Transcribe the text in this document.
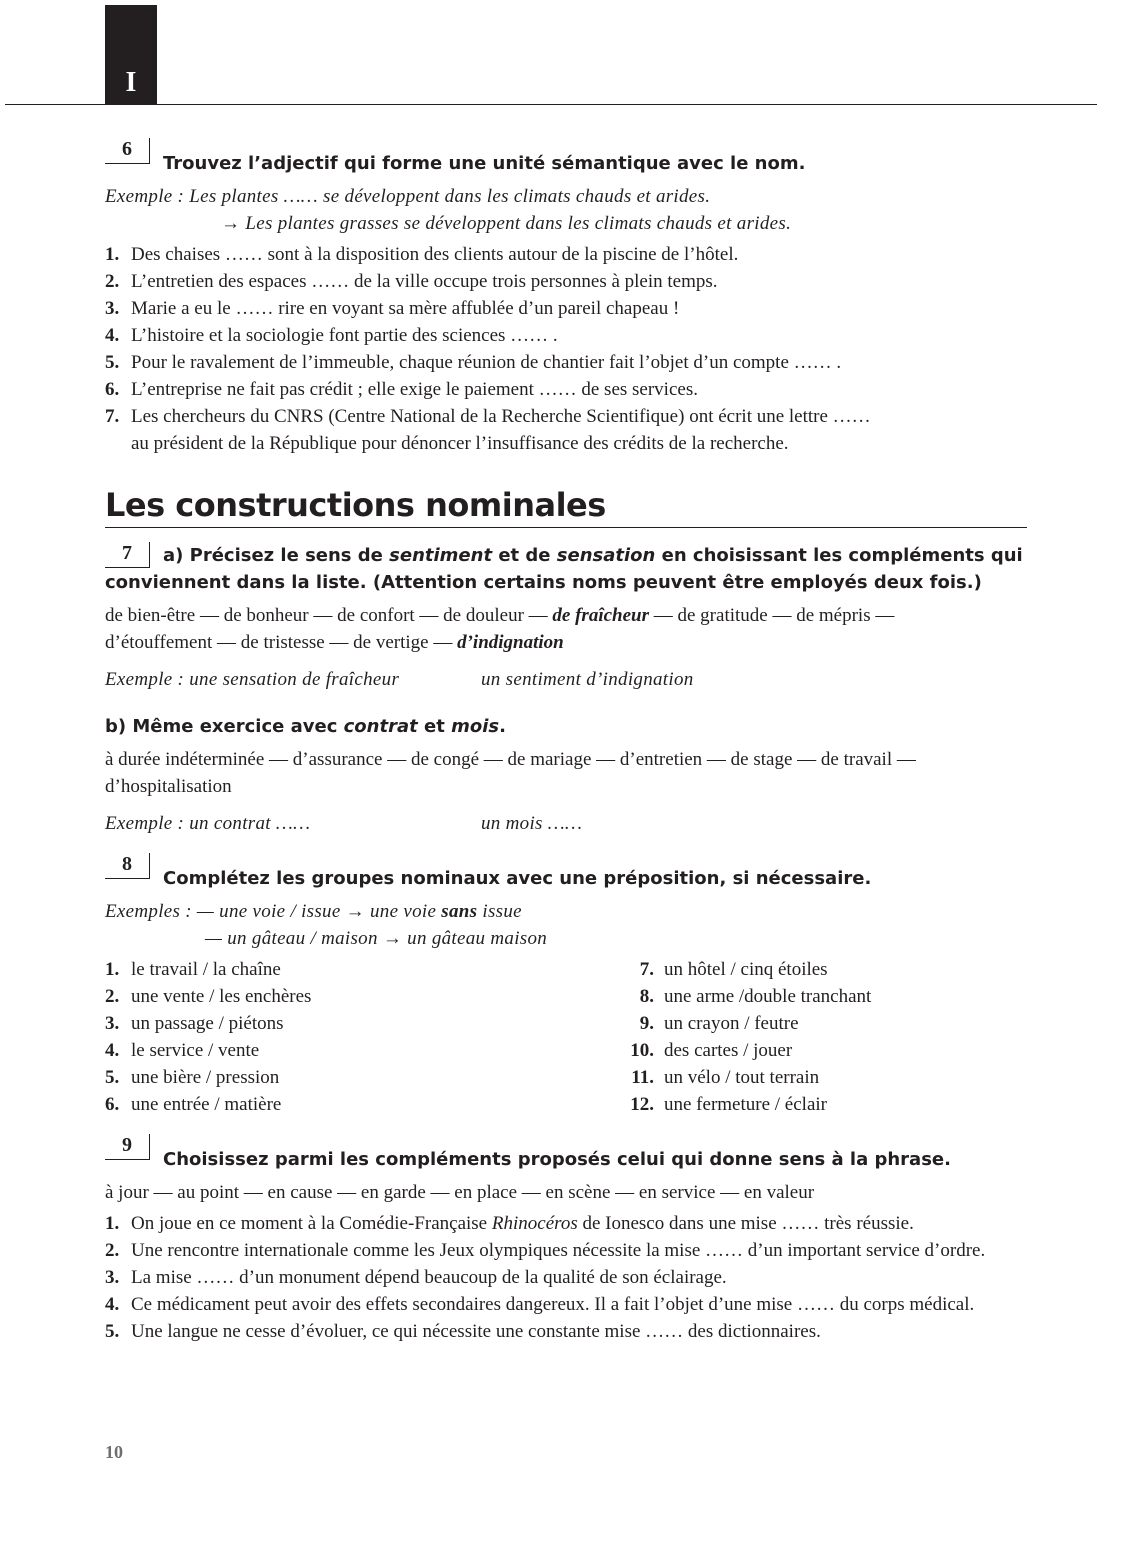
I
6
Trouvez l’adjectif qui forme une unité sémantique avec le nom.
Exemple : Les plantes …… se développent dans les climats chauds et arides.
→ Les plantes grasses se développent dans les climats chauds et arides.
1. Des chaises …… sont à la disposition des clients autour de la piscine de l’hôtel.
2. L’entretien des espaces …… de la ville occupe trois personnes à plein temps.
3. Marie a eu le …… rire en voyant sa mère affublée d’un pareil chapeau !
4. L’histoire et la sociologie font partie des sciences …… .
5. Pour le ravalement de l’immeuble, chaque réunion de chantier fait l’objet d’un compte …… .
6. L’entreprise ne fait pas crédit ; elle exige le paiement …… de ses services.
7. Les chercheurs du CNRS (Centre National de la Recherche Scientifique) ont écrit une lettre ……
au président de la République pour dénoncer l’insuffisance des crédits de la recherche.
Les constructions nominales
7	a) Précisez le sens de sentiment et de sensation en choisissant les compléments qui conviennent dans la liste. (Attention certains noms peuvent être employés deux fois.)

de bien-être — de bonheur — de confort — de douleur — de fraîcheur — de gratitude — de mépris —
d’étouffement — de tristesse — de vertige — d’indignation

Exemple : une sensation de fraîcheur	un sentiment d’indignation
b) Même exercice avec contrat et mois.

à durée indéterminée — d’assurance — de congé — de mariage — d’entretien — de stage — de travail —
d’hospitalisation

Exemple : un contrat ……	un mois ……
8
Complétez les groupes nominaux avec une préposition, si nécessaire.
Exemples : — une voie / issue → une voie sans issue
— un gâteau / maison → un gâteau maison
1. le travail / la chaîne
2. une vente / les enchères
3. un passage / piétons
4. le service / vente
5. une bière / pression
6. une entrée / matière
7. un hôtel / cinq étoiles
8. une arme /double tranchant
9. un crayon / feutre
10. des cartes / jouer
11. un vélo / tout terrain
12. une fermeture / éclair
9
Choisissez parmi les compléments proposés celui qui donne sens à la phrase.

à jour — au point — en cause — en garde — en place — en scène — en service — en valeur

1. On joue en ce moment à la Comédie-Française Rhinocéros de Ionesco dans une mise …… très réussie.
2. Une rencontre internationale comme les Jeux olympiques nécessite la mise …… d’un important service d’ordre.
3. La mise …… d’un monument dépend beaucoup de la qualité de son éclairage.
4. Ce médicament peut avoir des effets secondaires dangereux. Il a fait l’objet d’une mise …… du corps médical.
5. Une langue ne cesse d’évoluer, ce qui nécessite une constante mise …… des dictionnaires.
10
